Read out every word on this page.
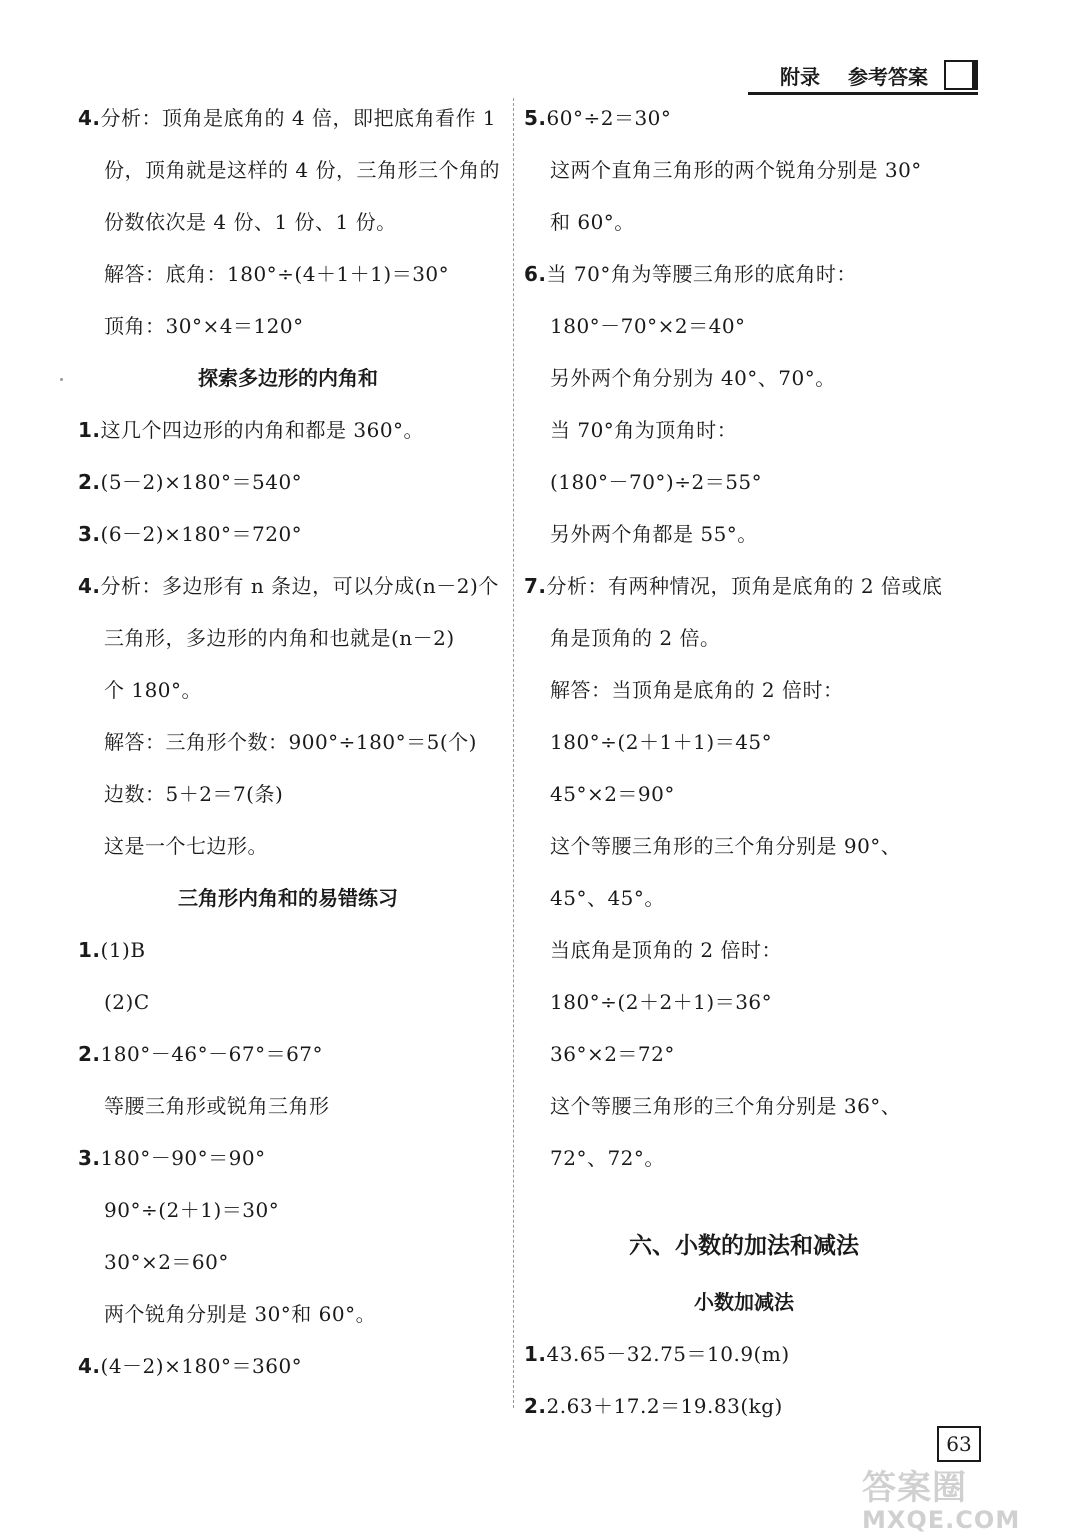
附录 参考答案
4.分析：顶角是底角的 4 倍，即把底角看作 1
份，顶角就是这样的 4 份，三角形三个角的
份数依次是 4 份、1 份、1 份。
解答：底角：180°÷(4＋1＋1)＝30°
顶角：30°×4＝120°
探索多边形的内角和
1.这几个四边形的内角和都是 360°。
2.(5－2)×180°＝540°
3.(6－2)×180°＝720°
4.分析：多边形有 n 条边，可以分成(n－2)个
三角形，多边形的内角和也就是(n－2)
个 180°。
解答：三角形个数：900°÷180°＝5(个)
边数：5＋2＝7(条)
这是一个七边形。
三角形内角和的易错练习
1.(1)B
(2)C
2.180°－46°－67°＝67°
等腰三角形或锐角三角形
3.180°－90°＝90°
90°÷(2＋1)＝30°
30°×2＝60°
两个锐角分别是 30°和 60°。
4.(4－2)×180°＝360°
5.60°÷2＝30°
这两个直角三角形的两个锐角分别是 30°
和 60°。
6.当 70°角为等腰三角形的底角时：
180°－70°×2＝40°
另外两个角分别为 40°、70°。
当 70°角为顶角时：
(180°－70°)÷2＝55°
另外两个角都是 55°。
7.分析：有两种情况，顶角是底角的 2 倍或底
角是顶角的 2 倍。
解答：当顶角是底角的 2 倍时：
180°÷(2＋1＋1)＝45°
45°×2＝90°
这个等腰三角形的三个角分别是 90°、
45°、45°。
当底角是顶角的 2 倍时：
180°÷(2＋2＋1)＝36°
36°×2＝72°
这个等腰三角形的三个角分别是 36°、
72°、72°。
六、小数的加法和减法
小数加减法
1.43.65－32.75＝10.9(m)
2.2.63＋17.2＝19.83(kg)
63
答案圈
MXQE.COM
